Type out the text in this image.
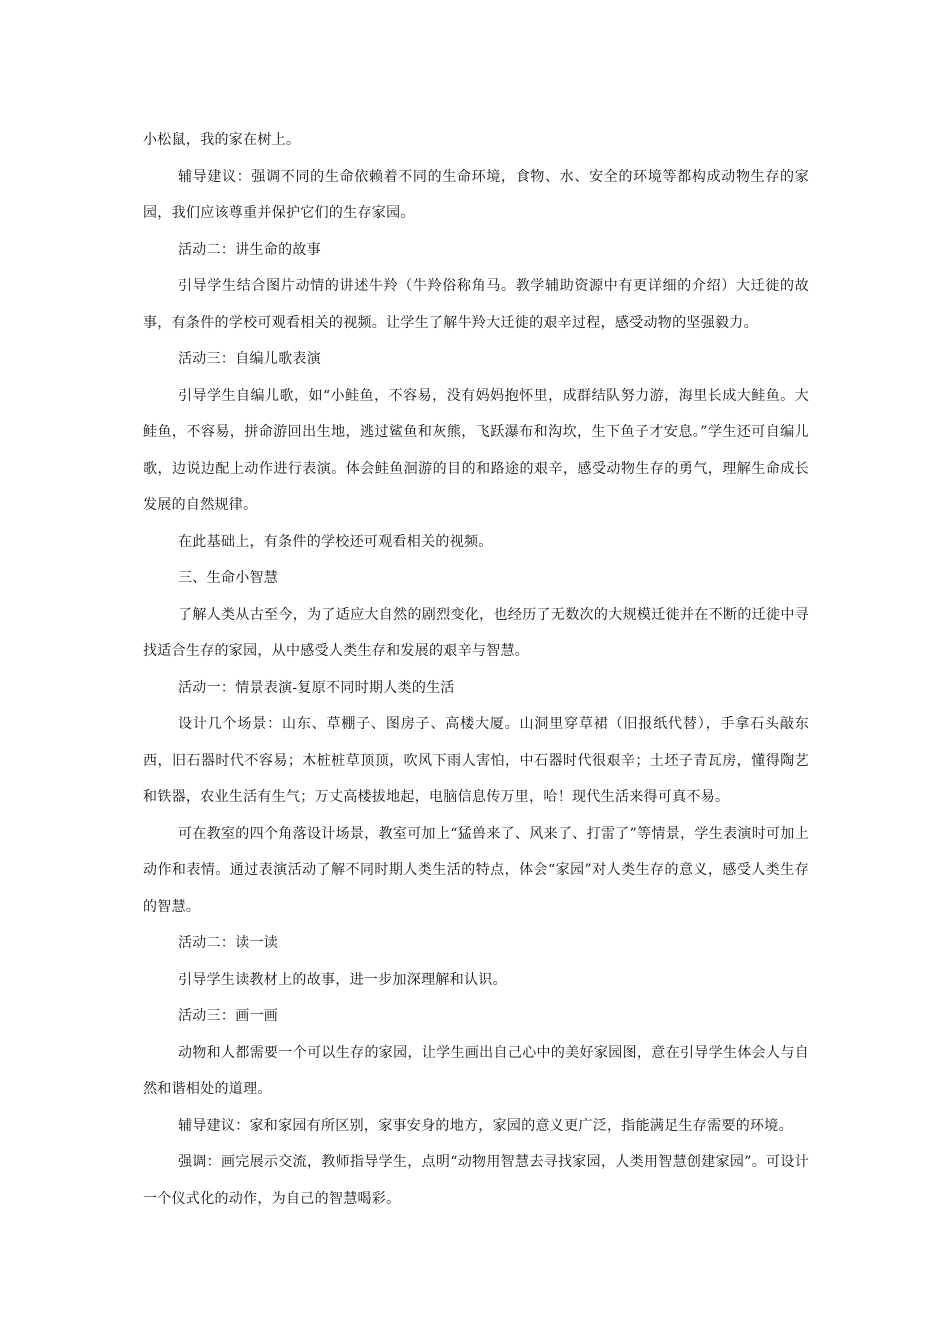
小松鼠，我的家在树上。

辅导建议：强调不同的生命依赖着不同的生命环境，食物、水、安全的环境等都构成动物生存的家园，我们应该尊重并保护它们的生存家园。

活动二：讲生命的故事

引导学生结合图片动情的讲述牛羚（牛羚俗称角马。教学辅助资源中有更详细的介绍）大迁徙的故事，有条件的学校可观看相关的视频。让学生了解牛羚大迁徙的艰辛过程，感受动物的坚强毅力。

活动三：自编儿歌表演

引导学生自编儿歌，如“小鲑鱼，不容易，没有妈妈抱怀里，成群结队努力游，海里长成大鲑鱼。大鲑鱼，不容易，拼命游回出生地，逃过鲨鱼和灰熊，飞跃瀑布和沟坎，生下鱼子才安息。”学生还可自编儿歌，边说边配上动作进行表演。体会鲑鱼洄游的目的和路途的艰辛，感受动物生存的勇气，理解生命成长发展的自然规律。

在此基础上，有条件的学校还可观看相关的视频。

三、生命小智慧

了解人类从古至今，为了适应大自然的剧烈变化，也经历了无数次的大规模迁徙并在不断的迁徙中寻找适合生存的家园，从中感受人类生存和发展的艰辛与智慧。

活动一：情景表演-复原不同时期人类的生活

设计几个场景：山东、草棚子、图房子、高楼大厦。山洞里穿草裙（旧报纸代替），手拿石头敲东西，旧石器时代不容易；木桩桩草顶顶，吹风下雨人害怕，中石器时代很艰辛；土坯子青瓦房，懂得陶艺和铁器，农业生活有生气；万丈高楼拔地起，电脑信息传万里，哈！现代生活来得可真不易。

可在教室的四个角落设计场景，教室可加上“猛兽来了、风来了、打雷了”等情景，学生表演时可加上动作和表情。通过表演活动了解不同时期人类生活的特点，体会“家园”对人类生存的意义，感受人类生存的智慧。

活动二：读一读

引导学生读教材上的故事，进一步加深理解和认识。

活动三：画一画

动物和人都需要一个可以生存的家园，让学生画出自己心中的美好家园图，意在引导学生体会人与自然和谐相处的道理。

辅导建议：家和家园有所区别，家事安身的地方，家园的意义更广泛，指能满足生存需要的环境。

强调：画完展示交流，教师指导学生，点明“动物用智慧去寻找家园，人类用智慧创建家园”。可设计一个仪式化的动作，为自己的智慧喝彩。
